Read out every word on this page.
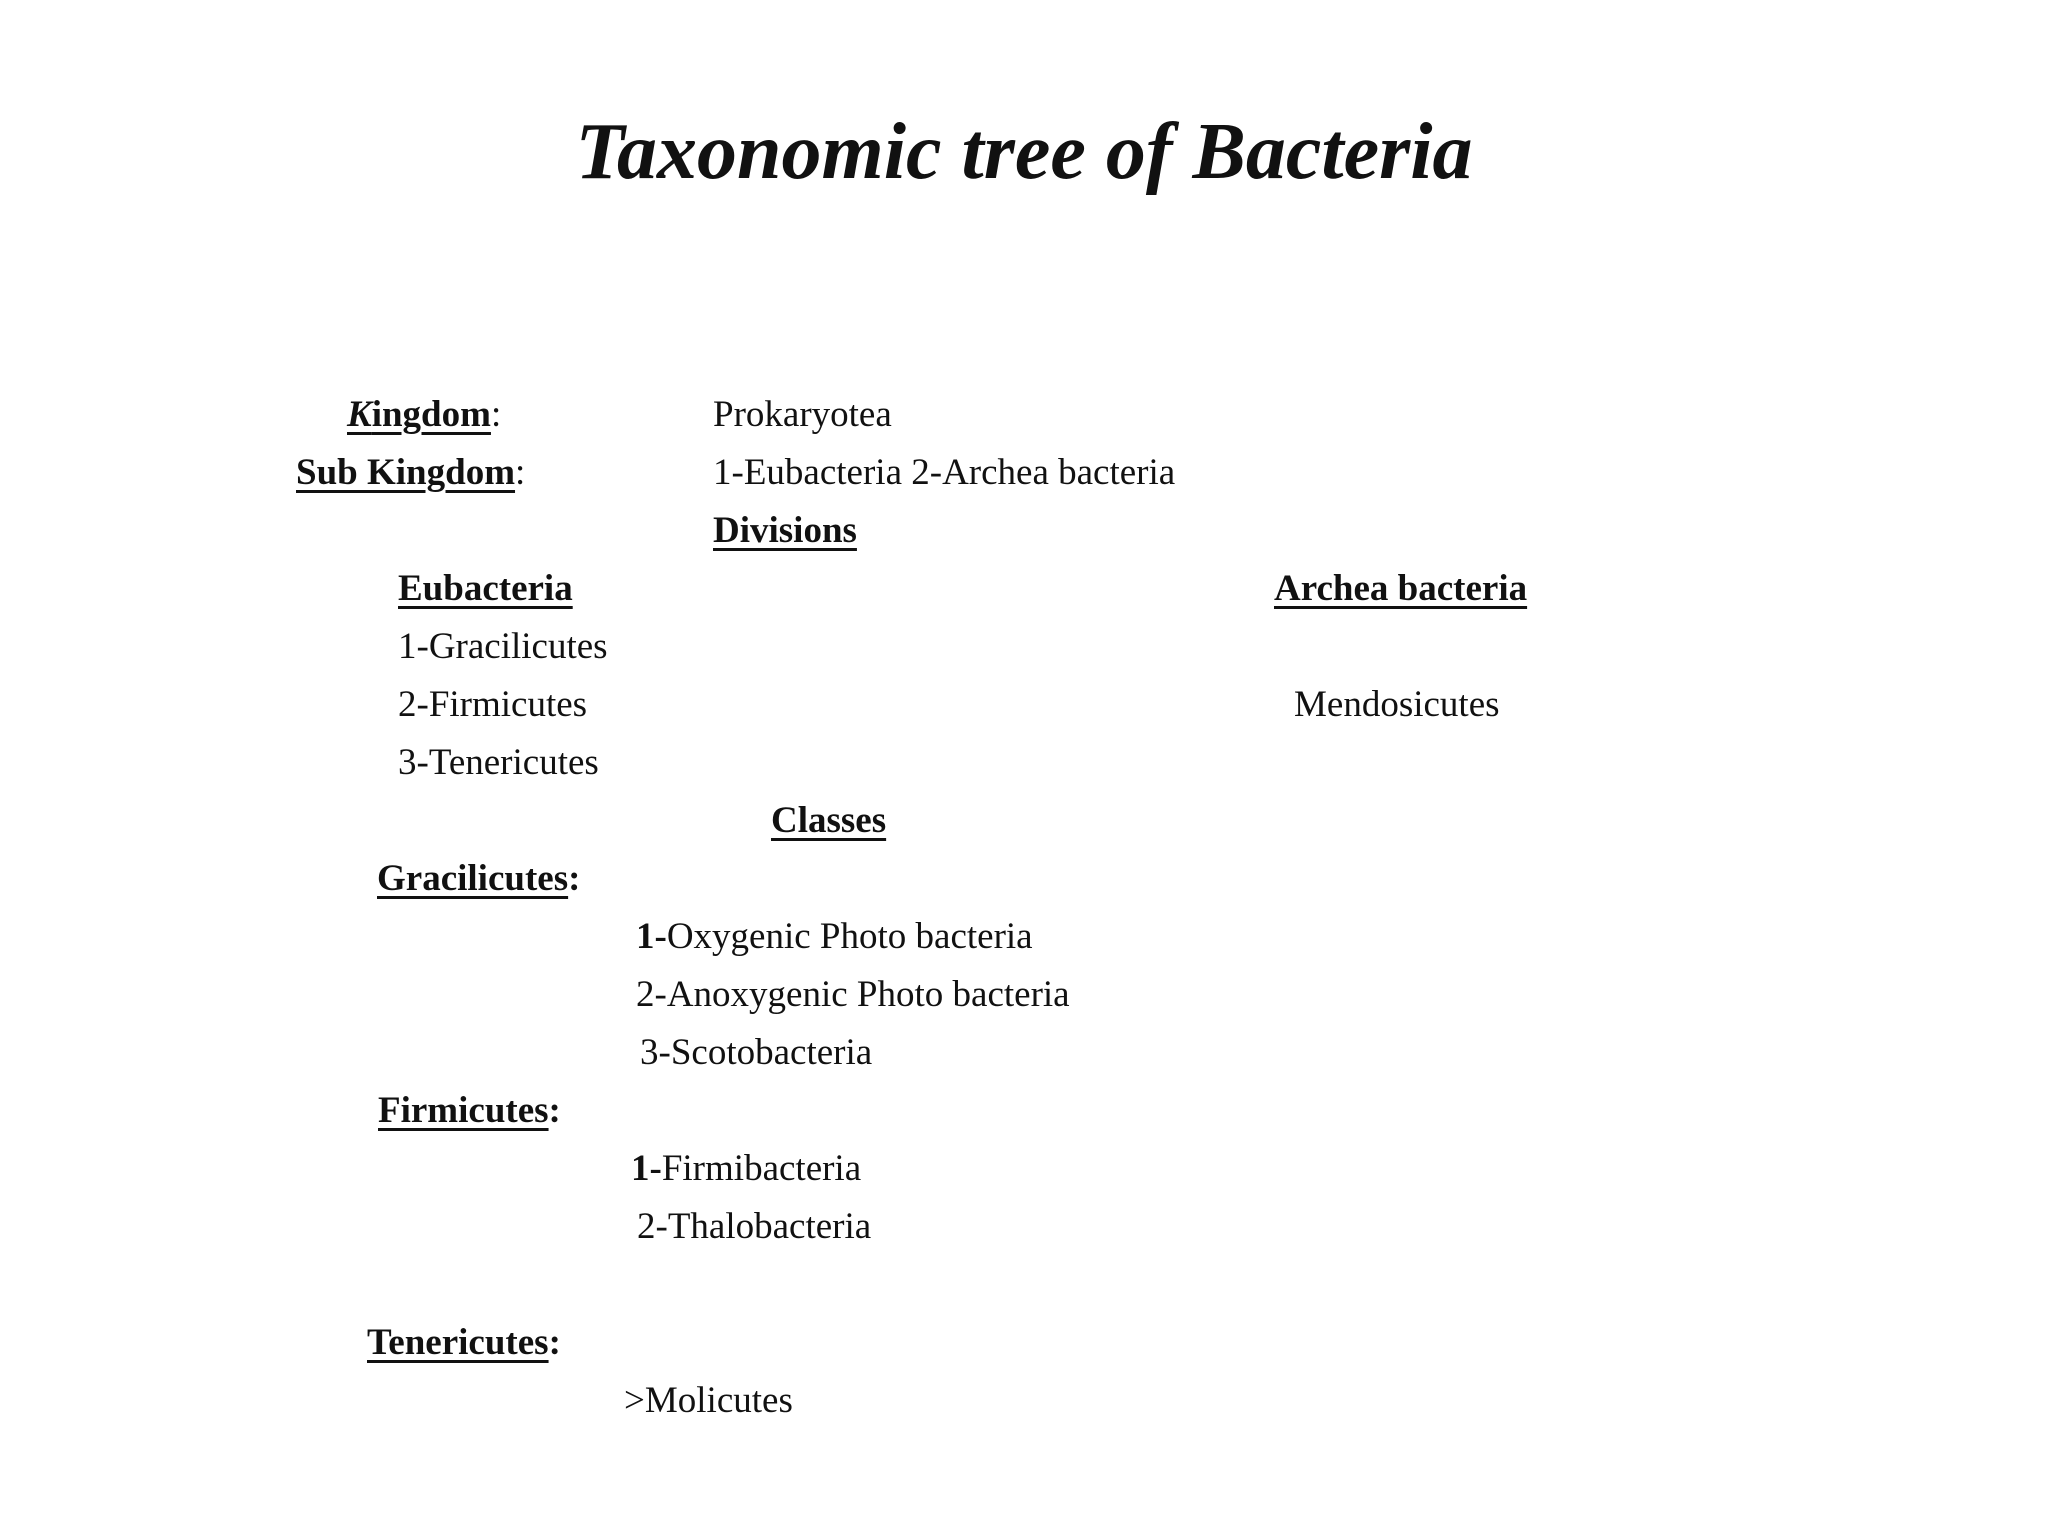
Taxonomic tree of Bacteria
Kingdom:	Prokaryotea
Sub Kingdom:	1-Eubacteria 2-Archea bacteria
Divisions
Eubacteria	Archea bacteria
1-Gracilicutes
2-Firmicutes	Mendosicutes
3-Tenericutes
Classes
Gracilicutes:
1-Oxygenic Photo bacteria
2-Anoxygenic Photo bacteria
3-Scotobacteria
Firmicutes:
1-Firmibacteria
2-Thalobacteria
Tenericutes:
>Molicutes
